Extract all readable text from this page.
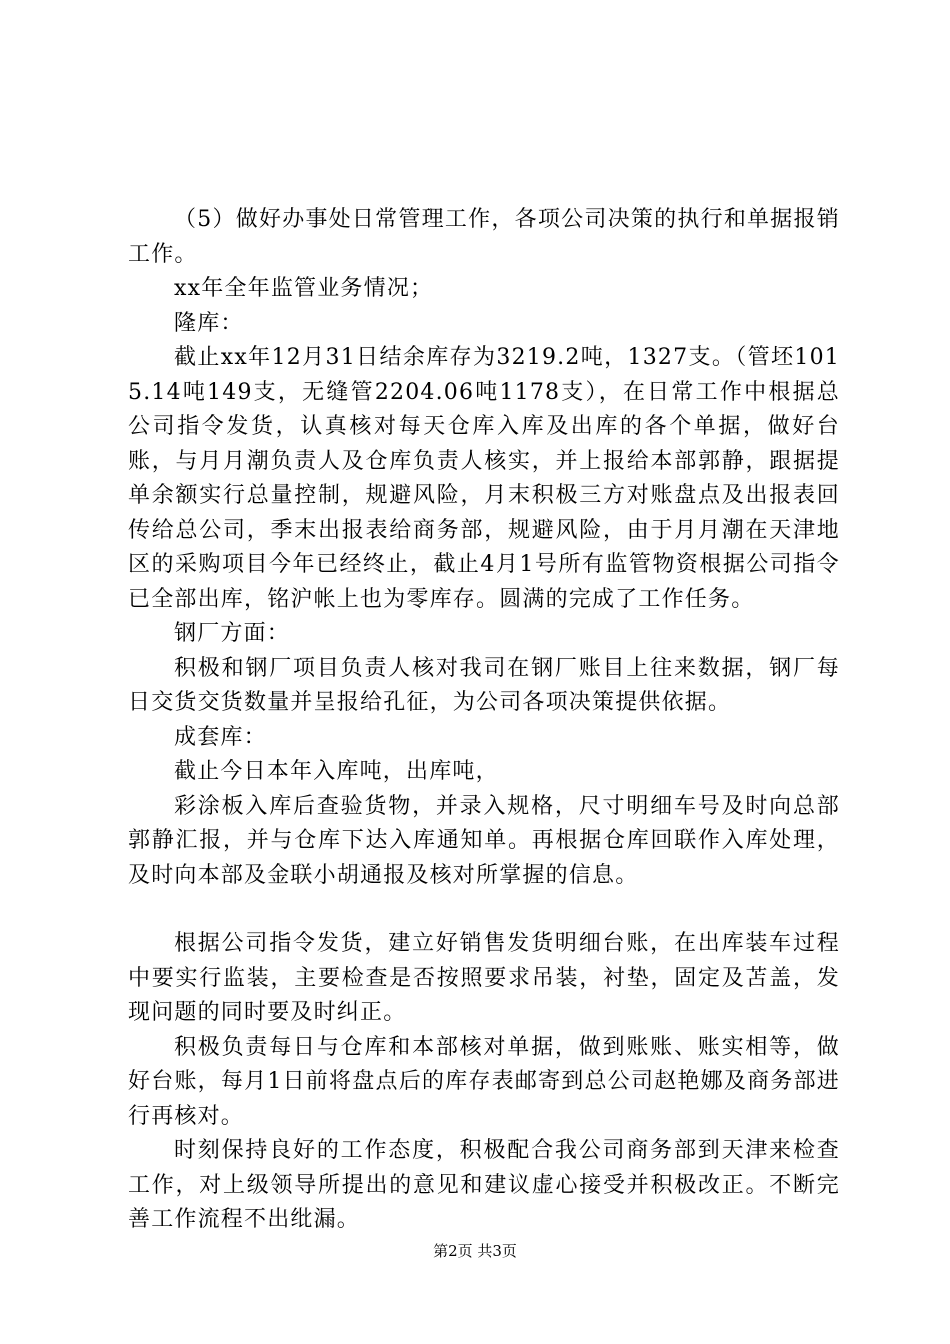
（5）做好办事处日常管理工作，各项公司决策的执行和单据报销工作。

xx年全年监管业务情况；

隆库：

截止xx年12月31日结余库存为3219.2吨，1327支。（管坯1015.14吨149支，无缝管2204.06吨1178支），在日常工作中根据总公司指令发货，认真核对每天仓库入库及出库的各个单据，做好台账，与月月潮负责人及仓库负责人核实，并上报给本部郭静，跟据提单余额实行总量控制，规避风险，月末积极三方对账盘点及出报表回传给总公司，季末出报表给商务部，规避风险，由于月月潮在天津地区的采购项目今年已经终止，截止4月1号所有监管物资根据公司指令已全部出库，铭沪帐上也为零库存。圆满的完成了工作任务。

钢厂方面：

积极和钢厂项目负责人核对我司在钢厂账目上往来数据，钢厂每日交货交货数量并呈报给孔征，为公司各项决策提供依据。

成套库：

截止今日本年入库吨，出库吨，

彩涂板入库后查验货物，并录入规格，尺寸明细车号及时向总部郭静汇报，并与仓库下达入库通知单。再根据仓库回联作入库处理，及时向本部及金联小胡通报及核对所掌握的信息。

根据公司指令发货，建立好销售发货明细台账，在出库装车过程中要实行监装，主要检查是否按照要求吊装，衬垫，固定及苫盖，发现问题的同时要及时纠正。

积极负责每日与仓库和本部核对单据，做到账账、账实相等，做好台账，每月1日前将盘点后的库存表邮寄到总公司赵艳娜及商务部进行再核对。

时刻保持良好的工作态度，积极配合我公司商务部到天津来检查工作，对上级领导所提出的意见和建议虚心接受并积极改正。不断完善工作流程不出纰漏。

第2页 共3页
